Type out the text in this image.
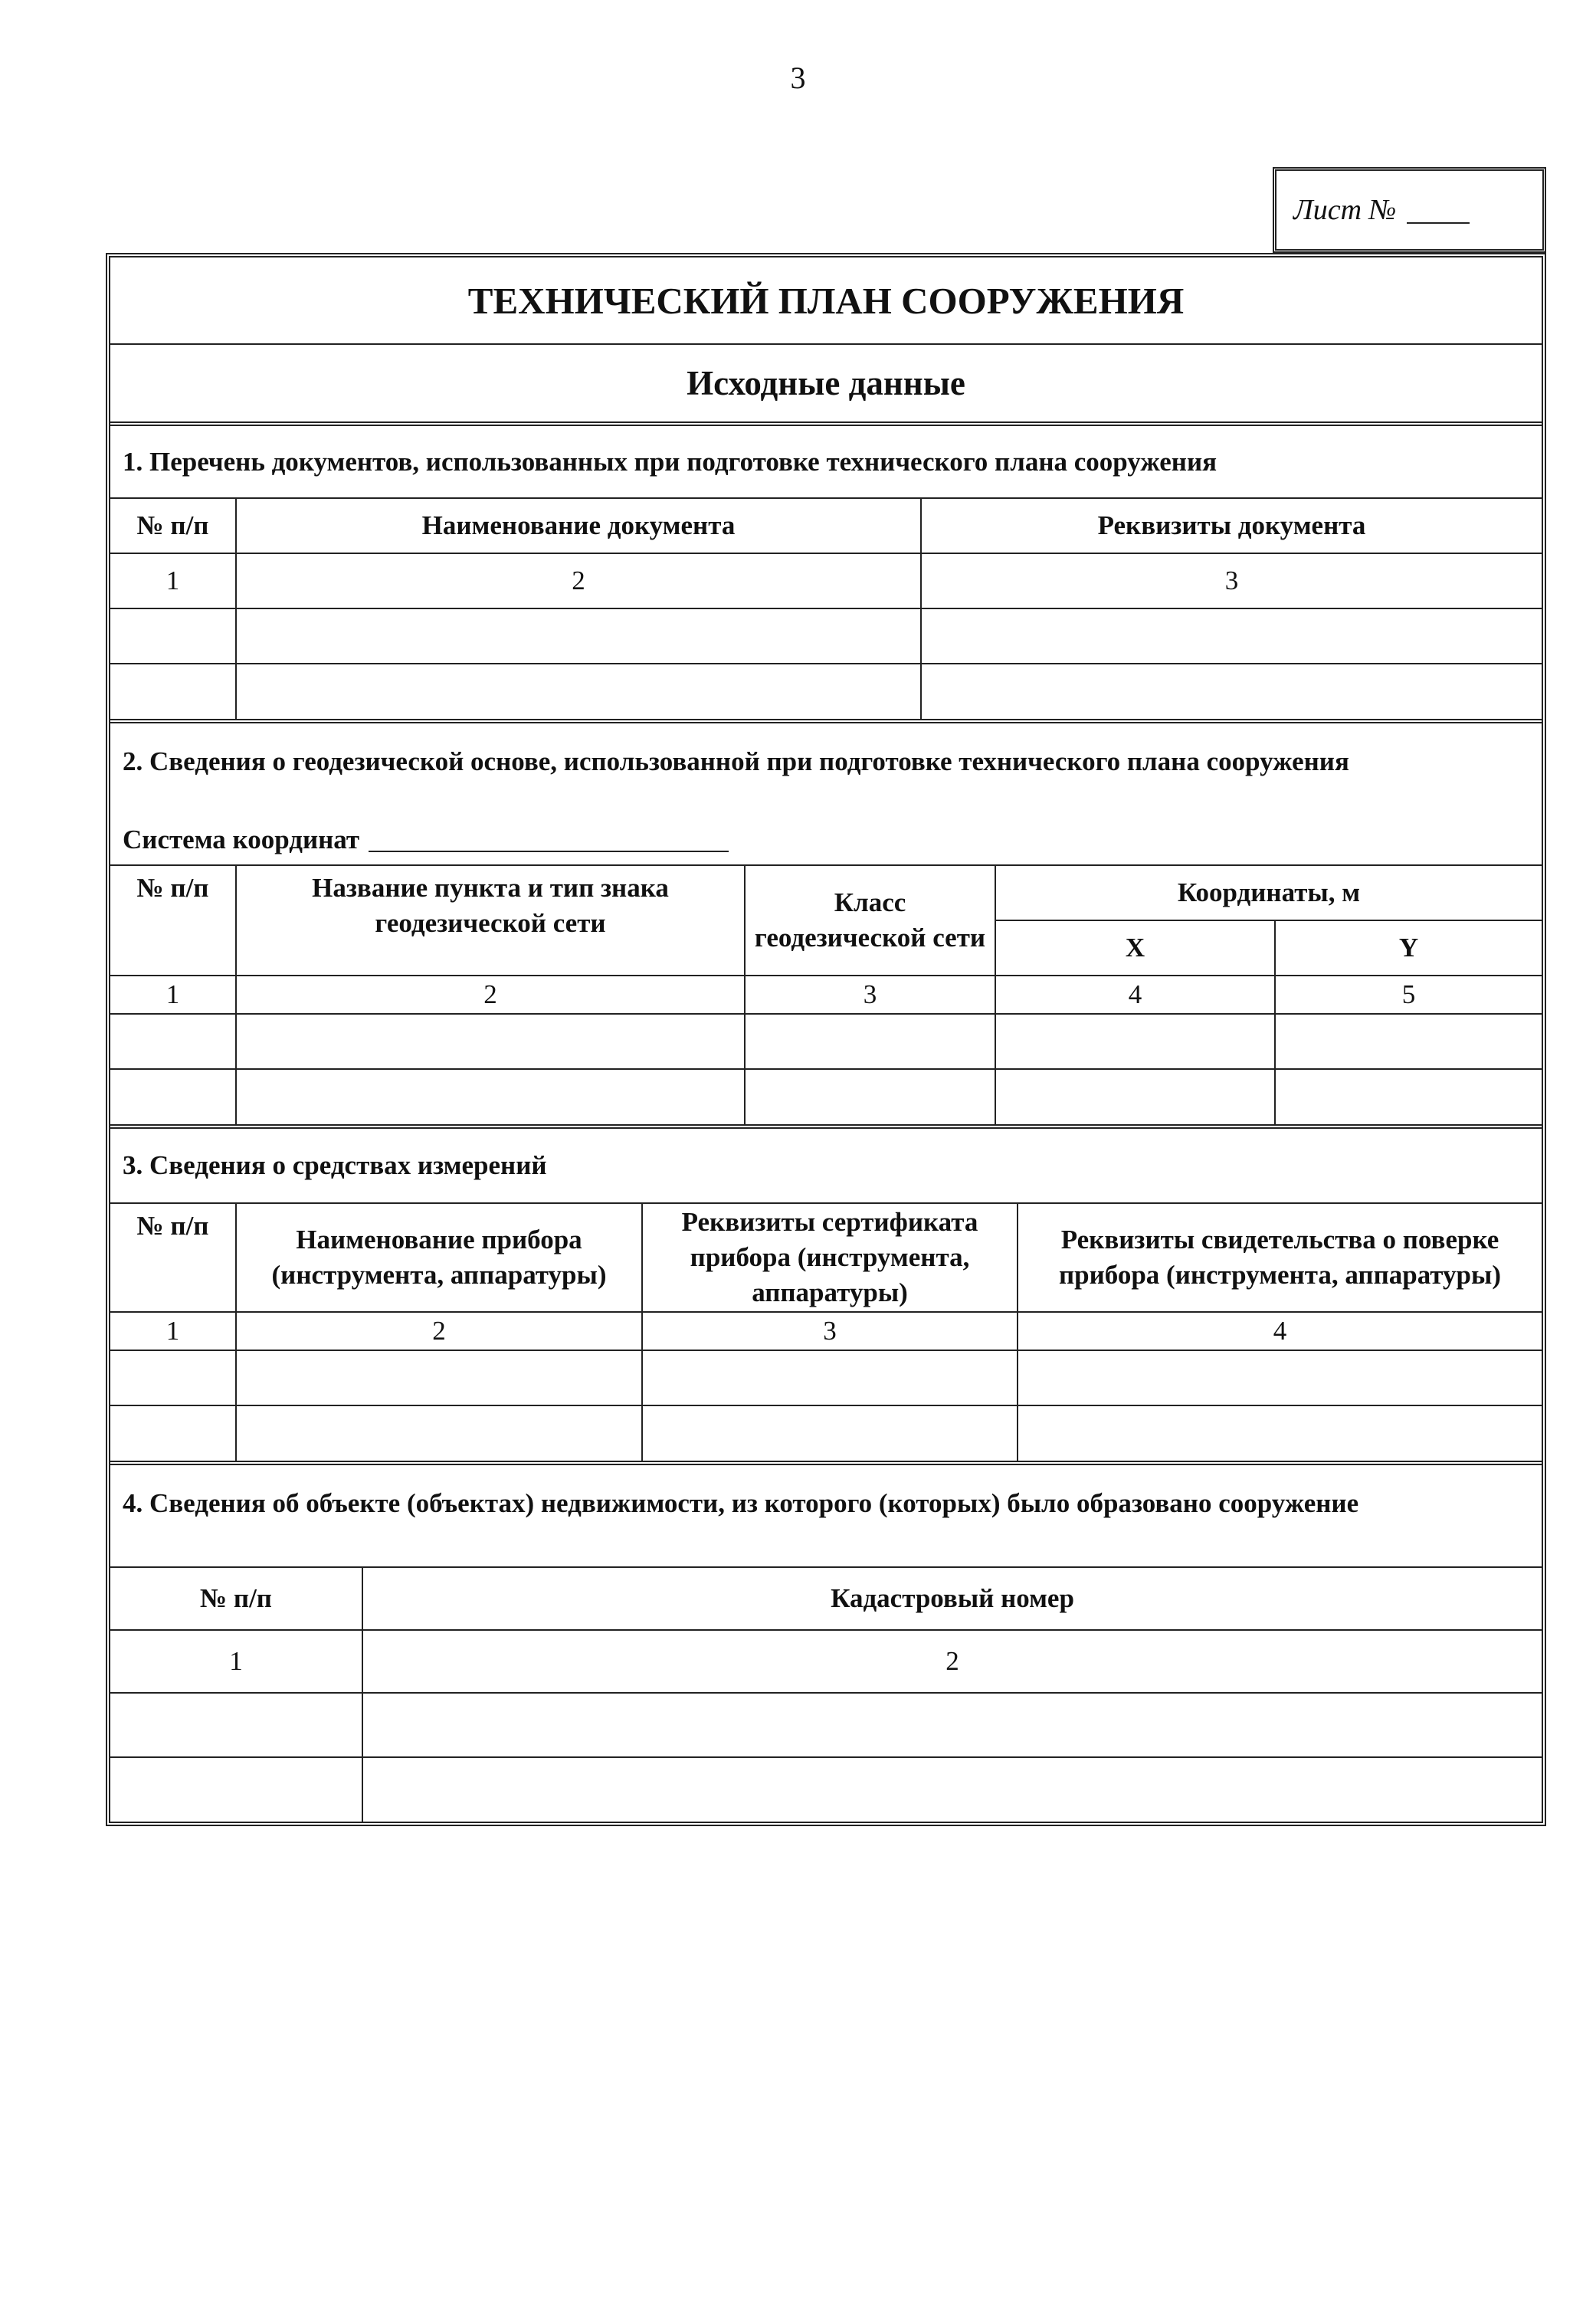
3
Лист №
ТЕХНИЧЕСКИЙ ПЛАН СООРУЖЕНИЯ
Исходные данные
1. Перечень документов, использованных при подготовке технического плана сооружения
№ п/п	Наименование документа	Реквизиты документа
1	2	3

2. Сведения о геодезической основе, использованной при подготовке технического плана сооружения
Система координат
№ п/п	Название пункта и тип знака геодезической сети	Класс геодезической сети	Координаты, м	
			X	Y
1	2	3	4	5

3. Сведения о средствах измерений
№ п/п	Наименование прибора (инструмента, аппаратуры)	Реквизиты сертификата прибора (инструмента, аппаратуры)	Реквизиты свидетельства о поверке прибора (инструмента, аппаратуры)
1	2	3	4

4. Сведения об объекте (объектах) недвижимости, из которого (которых) было образовано сооружение
№ п/п	Кадастровый номер
1	2
